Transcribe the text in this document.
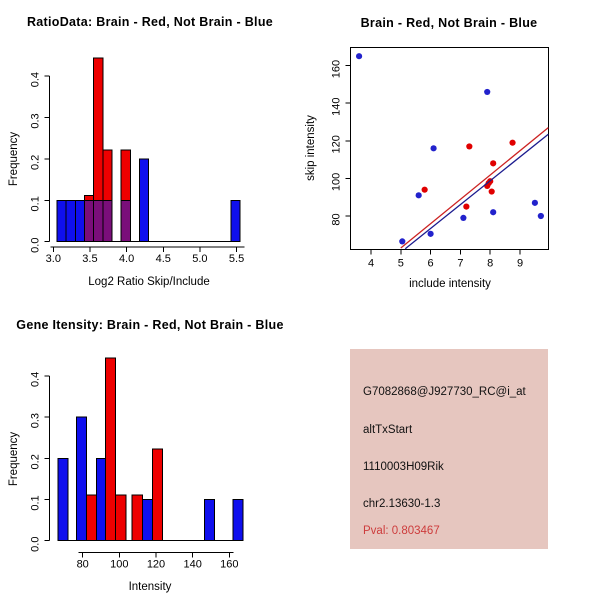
RatioData: Brain - Red, Not Brain - Blue
Log2 Ratio Skip/Include
Frequency
0.0
0.1
0.2
0.3
0.4
3.0 3.5 4.0 4.5 5.0 5.5
Brain - Red, Not Brain - Blue
include intensity
skip intensity
4 5 6 7 8 9
80
100
120
140
160
Gene Itensity: Brain - Red, Not Brain - Blue
Intensity
Frequency
0.0
0.1
0.2
0.3
0.4
80 100 120 140 160
G7082868@J927730_RC@i_at
altTxStart
1110003H09Rik
chr2.13630-1.3
Pval: 0.803467
